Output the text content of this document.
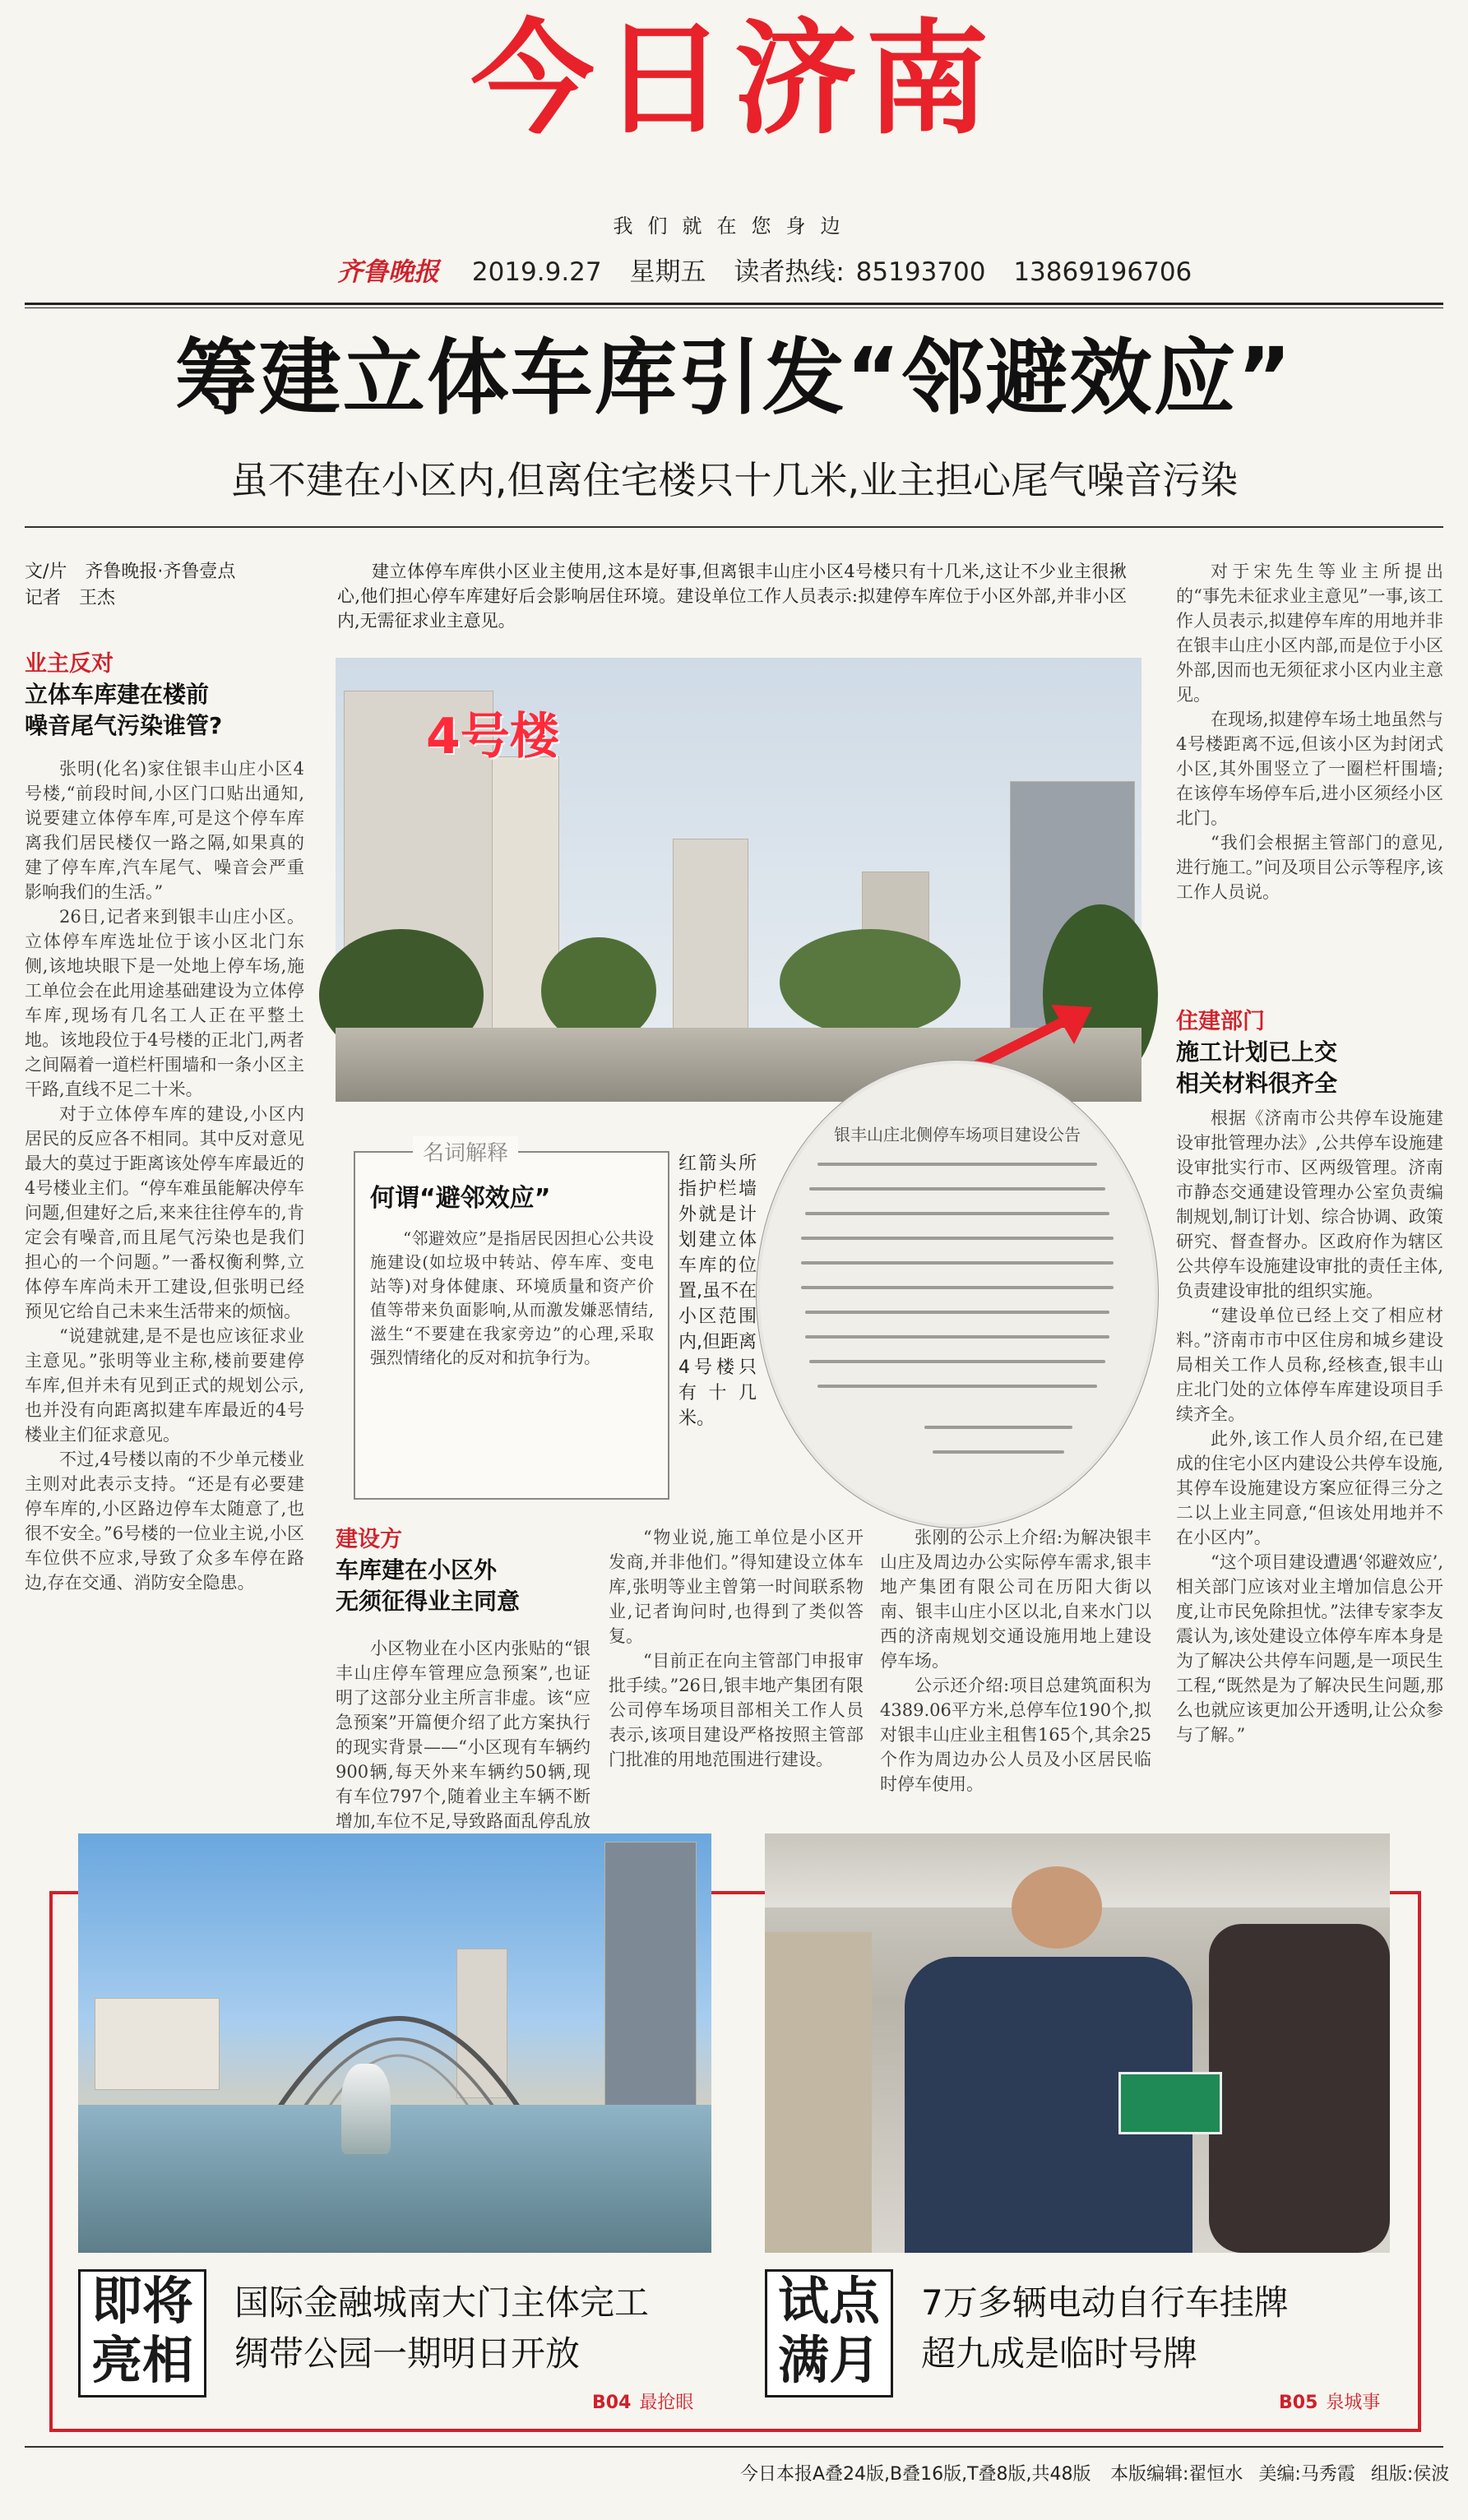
今日济南
我们就在您身边
齐鲁晚报 2019.9.27 星期五 读者热线: 85193700 13869196706
筹建立体车库引发“邻避效应”
虽不建在小区内,但离住宅楼只十几米,业主担心尾气噪音污染
文/片　齐鲁晚报·齐鲁壹点
记者　王杰
业主反对
立体车库建在楼前
噪音尾气污染谁管?

张明(化名)家住银丰山庄小区4号楼,“前段时间,小区门口贴出通知,说要建立体停车库,可是这个停车库离我们居民楼仅一路之隔,如果真的建了停车库,汽车尾气、噪音会严重影响我们的生活。”

26日,记者来到银丰山庄小区。立体停车库选址位于该小区北门东侧,该地块眼下是一处地上停车场,施工单位会在此用途基础建设为立体停车库,现场有几名工人正在平整土地。该地段位于4号楼的正北门,两者之间隔着一道栏杆围墙和一条小区主干路,直线不足二十米。

对于立体停车库的建设,小区内居民的反应各不相同。其中反对意见最大的莫过于距离该处停车库最近的4号楼业主们。“停车难虽能解决停车问题,但建好之后,来来往往停车的,肯定会有噪音,而且尾气污染也是我们担心的一个问题。”一番权衡利弊,立体停车库尚未开工建设,但张明已经预见它给自己未来生活带来的烦恼。

“说建就建,是不是也应该征求业主意见。”张明等业主称,楼前要建停车库,但并未有见到正式的规划公示,也并没有向距离拟建车库最近的4号楼业主们征求意见。

不过,4号楼以南的不少单元楼业主则对此表示支持。“还是有必要建停车库的,小区路边停车太随意了,也很不安全。”6号楼的一位业主说,小区车位供不应求,导致了众多车停在路边,存在交通、消防安全隐患。

建立体停车库供小区业主使用,这本是好事,但离银丰山庄小区4号楼只有十几米,这让不少业主很揪心,他们担心停车库建好后会影响居住环境。建设单位工作人员表示:拟建停车库位于小区外部,并非小区内,无需征求业主意见。

4号楼
银丰山庄北侧停车场项目建设公告
红箭头所指护栏墙外就是计划建立体车库的位置,虽不在小区范围内,但距离4号楼只有十几米。
名词解释
何谓“避邻效应”

“邻避效应”是指居民因担心公共设施建设(如垃圾中转站、停车库、变电站等)对身体健康、环境质量和资产价值等带来负面影响,从而激发嫌恶情结,滋生“不要建在我家旁边”的心理,采取强烈情绪化的反对和抗争行为。

建设方
车库建在小区外
无须征得业主同意

小区物业在小区内张贴的“银丰山庄停车管理应急预案”,也证明了这部分业主所言非虚。该“应急预案”开篇便介绍了此方案执行的现实背景——“小区现有车辆约900辆,每天外来车辆约50辆,现有车位797个,随着业主车辆不断增加,车位不足,导致路面乱停乱放

“物业说,施工单位是小区开发商,并非他们。”得知建设立体车库,张明等业主曾第一时间联系物业,记者询问时,也得到了类似答复。

“目前正在向主管部门申报审批手续。”26日,银丰地产集团有限公司停车场项目部相关工作人员表示,该项目建设严格按照主管部门批准的用地范围进行建设。

张刚的公示上介绍:为解决银丰山庄及周边办公实际停车需求,银丰地产集团有限公司在历阳大街以南、银丰山庄小区以北,自来水门以西的济南规划交通设施用地上建设停车场。

公示还介绍:项目总建筑面积为4389.06平方米,总停车位190个,拟对银丰山庄业主租售165个,其余25个作为周边办公人员及小区居民临时停车使用。

对于宋先生等业主所提出的“事先未征求业主意见”一事,该工作人员表示,拟建停车库的用地并非在银丰山庄小区内部,而是位于小区外部,因而也无须征求小区内业主意见。

在现场,拟建停车场土地虽然与4号楼距离不远,但该小区为封闭式小区,其外围竖立了一圈栏杆围墙;在该停车场停车后,进小区须经小区北门。

“我们会根据主管部门的意见,进行施工。”问及项目公示等程序,该工作人员说。

住建部门
施工计划已上交
相关材料很齐全

根据《济南市公共停车设施建设审批管理办法》,公共停车设施建设审批实行市、区两级管理。济南市静态交通建设管理办公室负责编制规划,制订计划、综合协调、政策研究、督查督办。区政府作为辖区公共停车设施建设审批的责任主体,负责建设审批的组织实施。

“建设单位已经上交了相应材料。”济南市市中区住房和城乡建设局相关工作人员称,经核查,银丰山庄北门处的立体停车库建设项目手续齐全。

此外,该工作人员介绍,在已建成的住宅小区内建设公共停车设施,其停车设施建设方案应征得三分之二以上业主同意,“但该处用地并不在小区内”。

“这个项目建设遭遇‘邻避效应’,相关部门应该对业主增加信息公开度,让市民免除担忧。”法律专家李友震认为,该处建设立体停车库本身是为了解决公共停车问题,是一项民生工程,“既然是为了解决民生问题,那么也就应该更加公开透明,让公众参与了解。”

即将
亮相
国际金融城南大门主体完工
绸带公园一期明日开放
B04 最抢眼
试点
满月
7万多辆电动自行车挂牌
超九成是临时号牌
B05 泉城事
今日本报A叠24版,B叠16版,T叠8版,共48版 本版编辑:翟恒水 美编:马秀霞 组版:侯波
